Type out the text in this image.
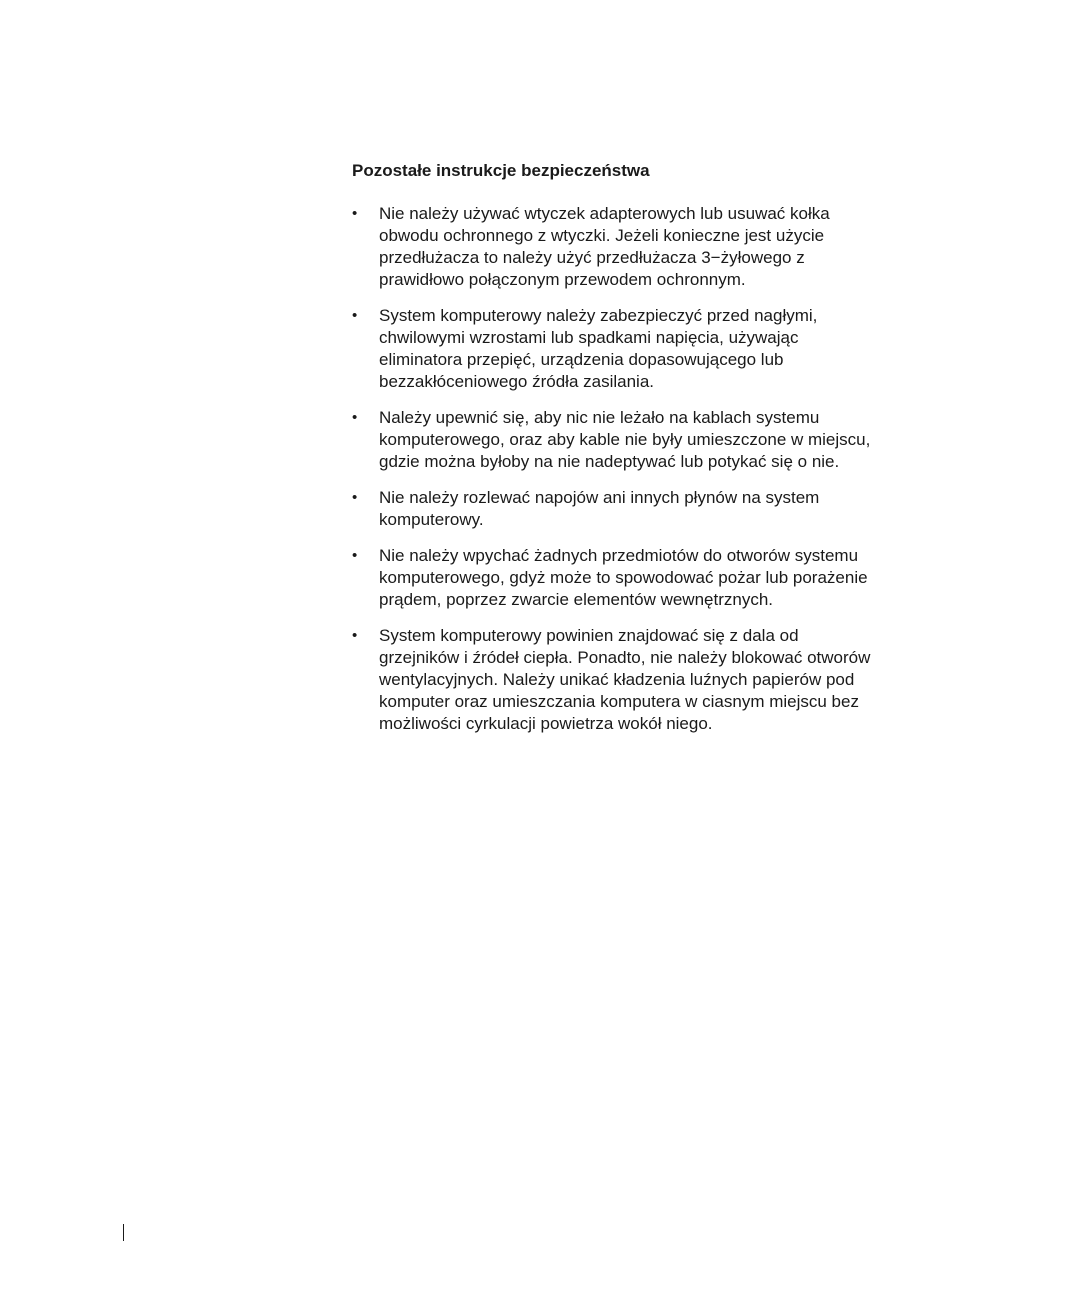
Pozostałe instrukcje bezpieczeństwa
•	Nie należy używać wtyczek adapterowych lub usuwać kołka
obwodu ochronnego z wtyczki. Jeżeli konieczne jest użycie
przedłużacza to należy użyć przedłużacza 3−żyłowego z
prawidłowo połączonym przewodem ochronnym.
•	System komputerowy należy zabezpieczyć przed nagłymi,
chwilowymi wzrostami lub spadkami napięcia, używając
eliminatora przepięć, urządzenia dopasowującego lub
bezzakłóceniowego źródła zasilania.
•	Należy upewnić się, aby nic nie leżało na kablach systemu
komputerowego, oraz aby kable nie były umieszczone w miejscu,
gdzie można byłoby na nie nadeptywać lub potykać się o nie.
•	Nie należy rozlewać napojów ani innych płynów na system
komputerowy.
•	Nie należy wpychać żadnych przedmiotów do otworów systemu
komputerowego, gdyż może to spowodować pożar lub porażenie
prądem, poprzez zwarcie elementów wewnętrznych.
•	System komputerowy powinien znajdować się z dala od
grzejników i źródeł ciepła. Ponadto, nie należy blokować otworów
wentylacyjnych. Należy unikać kładzenia luźnych papierów pod
komputer oraz umieszczania komputera w ciasnym miejscu bez
możliwości cyrkulacji powietrza wokół niego.
